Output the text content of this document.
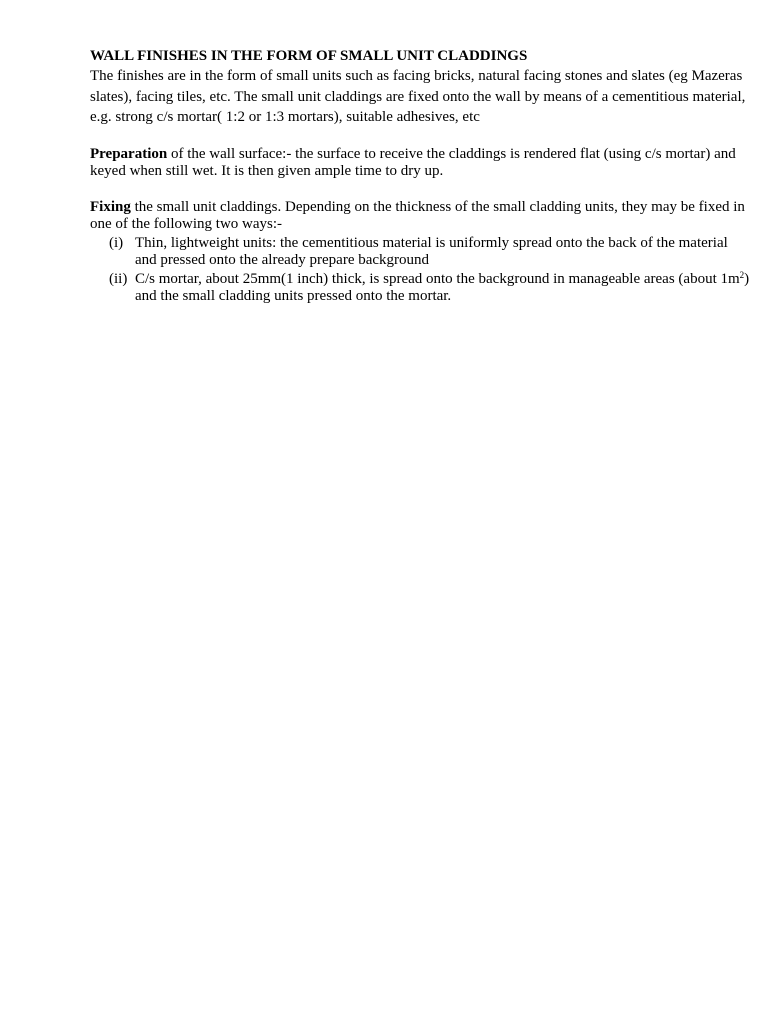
WALL FINISHES IN THE FORM OF SMALL UNIT CLADDINGS

The finishes are in the form of small units such as facing bricks, natural facing stones and slates (eg Mazeras slates), facing tiles, etc. The small unit claddings are fixed onto the wall by means of a cementitious material, e.g. strong c/s mortar( 1:2 or 1:3 mortars), suitable adhesives, etc

Preparation of the wall surface:- the surface to receive the claddings is rendered flat (using c/s mortar) and keyed when still wet. It is then given ample time to dry up.

Fixing the small unit claddings. Depending on the thickness of the small cladding units, they may be fixed in one of the following two ways:-

(i) Thin, lightweight units: the cementitious material is uniformly spread onto the back of the material and pressed onto the already prepare background
(ii) C/s mortar, about 25mm(1 inch) thick, is spread onto the background in manageable areas (about $1m^2$) and the small cladding units pressed onto the mortar.
